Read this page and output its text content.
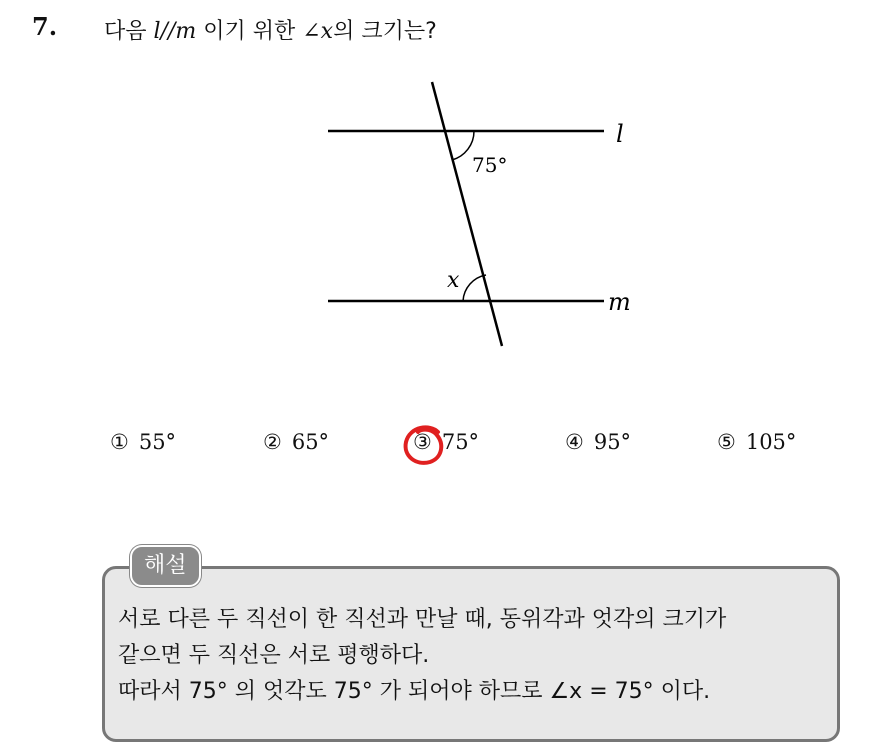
7. 다음 l//m 이기 위한 ∠x의 크기는?
l
m
75°
x
① 55°	② 65°	③ 75°	④ 95°	⑤ 105°
해설
서로 다른 두 직선이 한 직선과 만날 때, 동위각과 엇각의 크기가
같으면 두 직선은 서로 평행하다.
따라서 75° 의 엇각도 75° 가 되어야 하므로 ∠x = 75° 이다.
